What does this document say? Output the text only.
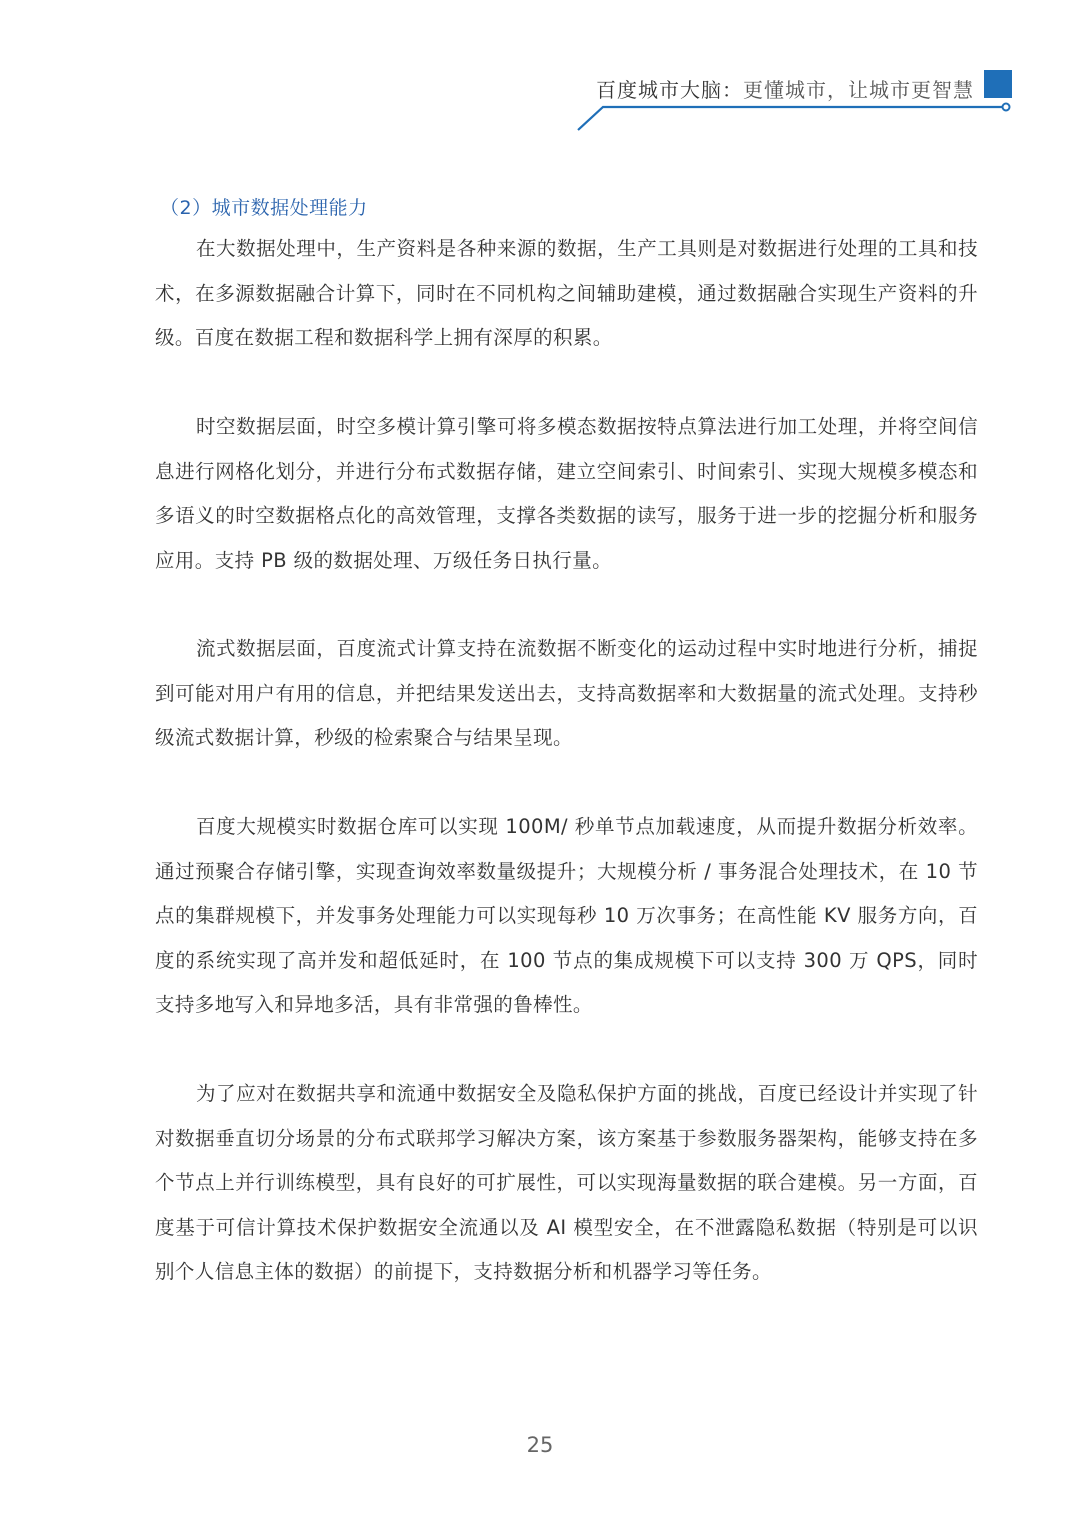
百度城市大脑：更懂城市，让城市更智慧
（2）城市数据处理能力

在大数据处理中，生产资料是各种来源的数据，生产工具则是对数据进行处理的工具和技术，在多源数据融合计算下，同时在不同机构之间辅助建模，通过数据融合实现生产资料的升级。百度在数据工程和数据科学上拥有深厚的积累。

时空数据层面，时空多模计算引擎可将多模态数据按特点算法进行加工处理，并将空间信息进行网格化划分，并进行分布式数据存储，建立空间索引、时间索引、实现大规模多模态和多语义的时空数据格点化的高效管理，支撑各类数据的读写，服务于进一步的挖掘分析和服务应用。支持 PB 级的数据处理、万级任务日执行量。

流式数据层面，百度流式计算支持在流数据不断变化的运动过程中实时地进行分析，捕捉到可能对用户有用的信息，并把结果发送出去，支持高数据率和大数据量的流式处理。支持秒级流式数据计算，秒级的检索聚合与结果呈现。

百度大规模实时数据仓库可以实现 100M/ 秒单节点加载速度，从而提升数据分析效率。通过预聚合存储引擎，实现查询效率数量级提升；大规模分析 / 事务混合处理技术，在 10 节点的集群规模下，并发事务处理能力可以实现每秒 10 万次事务；在高性能 KV 服务方向，百度的系统实现了高并发和超低延时，在 100 节点的集成规模下可以支持 300 万 QPS，同时支持多地写入和异地多活，具有非常强的鲁棒性。

为了应对在数据共享和流通中数据安全及隐私保护方面的挑战，百度已经设计并实现了针对数据垂直切分场景的分布式联邦学习解决方案，该方案基于参数服务器架构，能够支持在多个节点上并行训练模型，具有良好的可扩展性，可以实现海量数据的联合建模。另一方面，百度基于可信计算技术保护数据安全流通以及 AI 模型安全，在不泄露隐私数据（特别是可以识别个人信息主体的数据）的前提下，支持数据分析和机器学习等任务。

25
